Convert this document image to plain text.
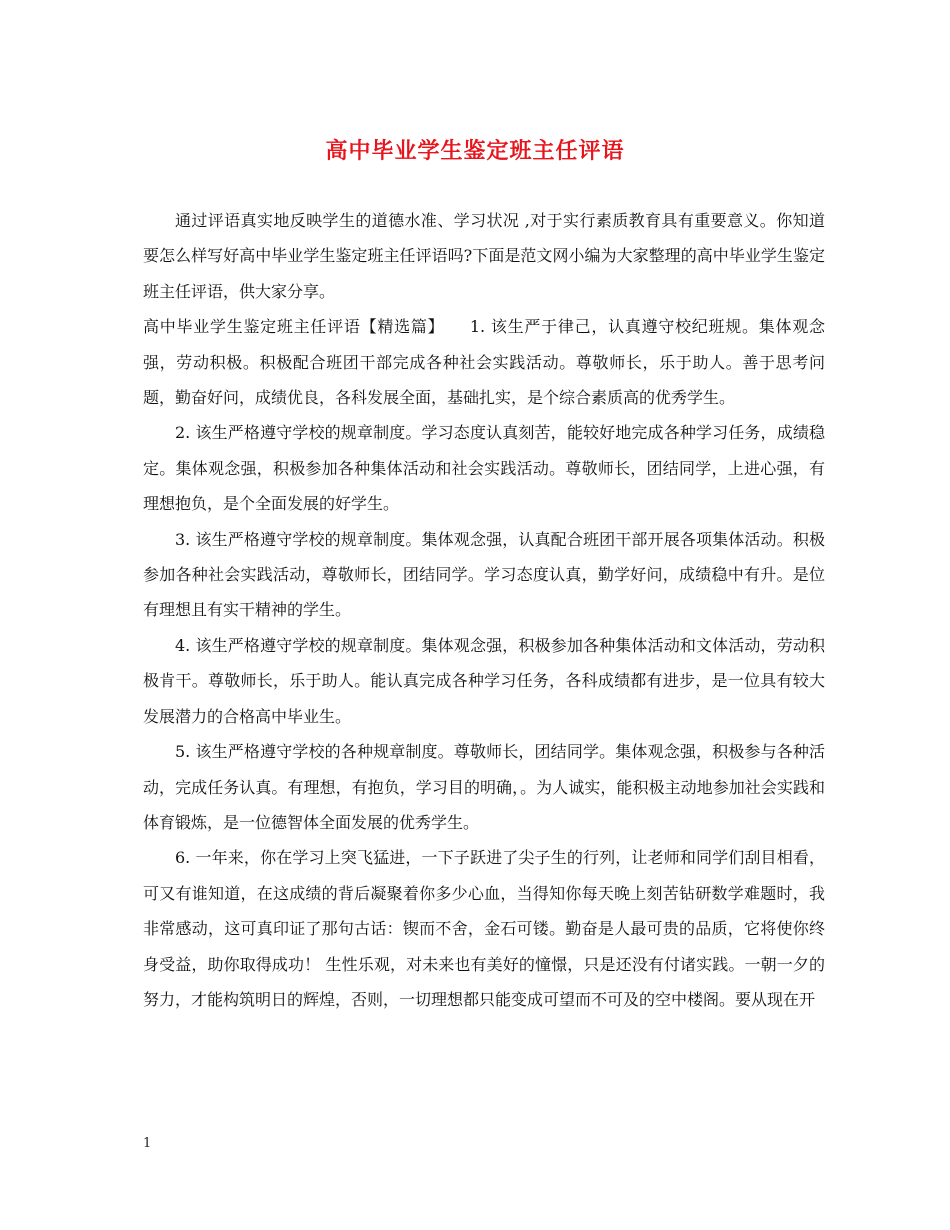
高中毕业学生鉴定班主任评语

通过评语真实地反映学生的道德水准、学习状况 ,对于实行素质教育具有重要意义。你知道要怎么样写好高中毕业学生鉴定班主任评语吗?下面是范文网小编为大家整理的高中毕业学生鉴定班主任评语，供大家分享。

高中毕业学生鉴定班主任评语【精选篇】　　1. 该生严于律己，认真遵守校纪班规。集体观念强，劳动积极。积极配合班团干部完成各种社会实践活动。尊敬师长，乐于助人。善于思考问题，勤奋好问，成绩优良，各科发展全面，基础扎实，是个综合素质高的优秀学生。

2. 该生严格遵守学校的规章制度。学习态度认真刻苦，能较好地完成各种学习任务，成绩稳定。集体观念强，积极参加各种集体活动和社会实践活动。尊敬师长，团结同学，上进心强，有理想抱负，是个全面发展的好学生。

3. 该生严格遵守学校的规章制度。集体观念强，认真配合班团干部开展各项集体活动。积极参加各种社会实践活动，尊敬师长，团结同学。学习态度认真，勤学好问，成绩稳中有升。是位有理想且有实干精神的学生。

4. 该生严格遵守学校的规章制度。集体观念强，积极参加各种集体活动和文体活动，劳动积极肯干。尊敬师长，乐于助人。能认真完成各种学习任务，各科成绩都有进步，是一位具有较大发展潜力的合格高中毕业生。

5. 该生严格遵守学校的各种规章制度。尊敬师长，团结同学。集体观念强，积极参与各种活动，完成任务认真。有理想，有抱负，学习目的明确，。为人诚实，能积极主动地参加社会实践和体育锻炼，是一位德智体全面发展的优秀学生。

6. 一年来，你在学习上突飞猛进，一下子跃进了尖子生的行列，让老师和同学们刮目相看，可又有谁知道，在这成绩的背后凝聚着你多少心血，当得知你每天晚上刻苦钻研数学难题时，我非常感动，这可真印证了那句古话：锲而不舍，金石可镂。勤奋是人最可贵的品质，它将使你终身受益，助你取得成功！ 生性乐观，对未来也有美好的憧憬，只是还没有付诸实践。一朝一夕的努力，才能构筑明日的辉煌，否则，一切理想都只能变成可望而不可及的空中楼阁。要从现在开

1
